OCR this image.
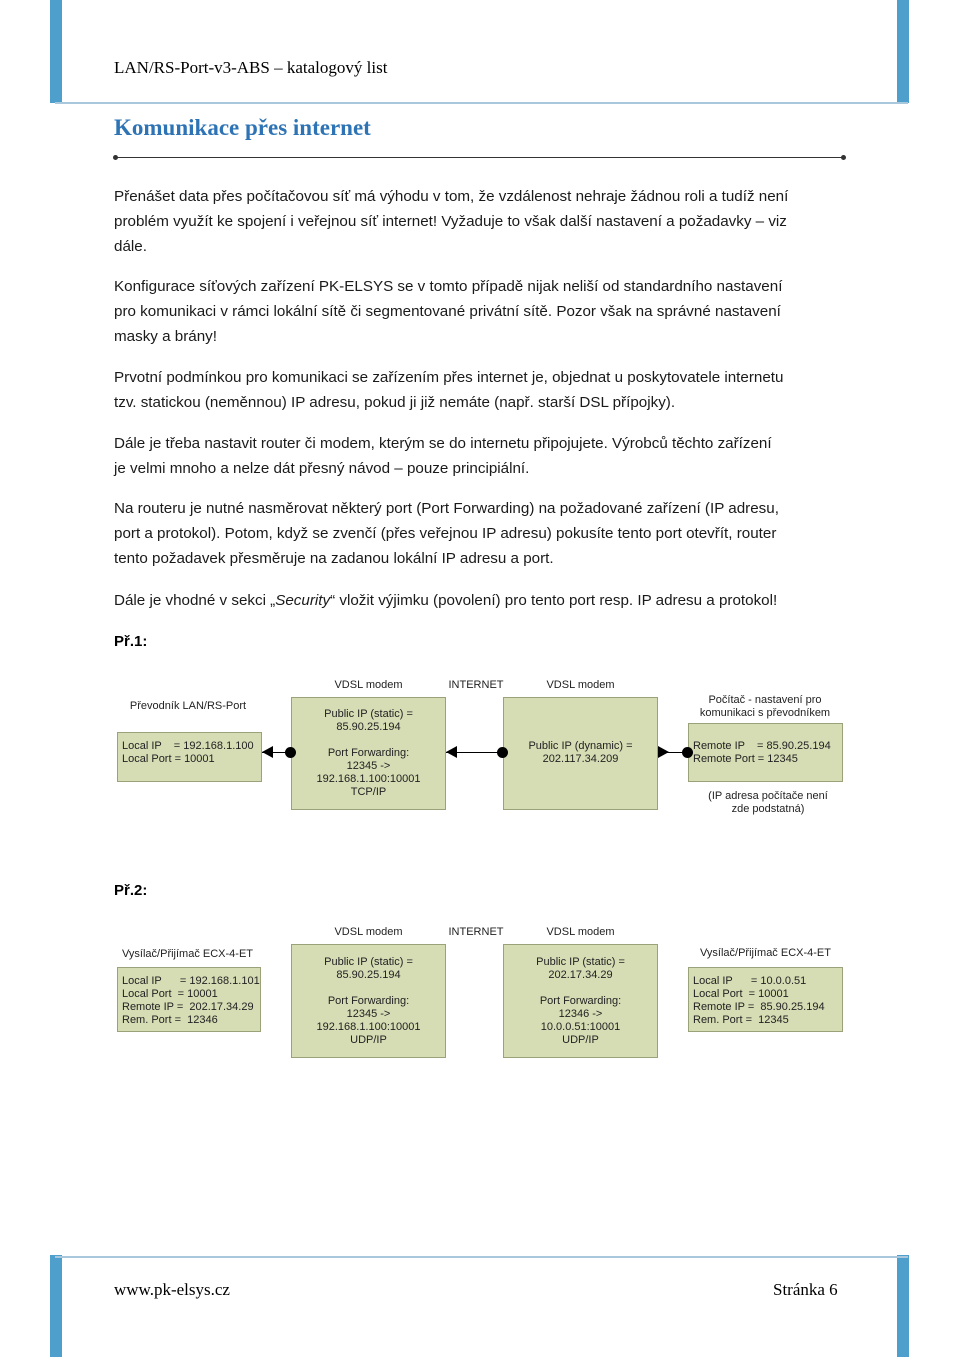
LAN/RS-Port-v3-ABS – katalogový list
Komunikace přes internet
Přenášet data přes počítačovou síť má výhodu v tom, že vzdálenost nehraje žádnou roli a tudíž není
problém využít ke spojení i veřejnou síť internet! Vyžaduje to však další nastavení a požadavky – viz
dále.
Konfigurace síťových zařízení PK-ELSYS se v tomto případě nijak neliší od standardního nastavení
pro komunikaci v rámci lokální sítě či segmentované privátní sítě. Pozor však na správné nastavení
masky a brány!
Prvotní podmínkou pro komunikaci se zařízením přes internet je, objednat u poskytovatele internetu
tzv. statickou (neměnnou) IP adresu, pokud ji již nemáte (např. starší DSL přípojky).
Dále je třeba nastavit router či modem, kterým se do internetu připojujete. Výrobců těchto zařízení
je velmi mnoho a nelze dát přesný návod – pouze principiální.
Na routeru je nutné nasměrovat některý port (Port Forwarding) na požadované zařízení (IP adresu,
port a protokol). Potom, když se zvenčí (přes veřejnou IP adresu) pokusíte tento port otevřít, router
tento požadavek přesměruje na zadanou lokální IP adresu a port.
Dále je vhodné v sekci „Security“ vložit výjimku (povolení) pro tento port resp. IP adresu a protokol!
Př.1:
Převodník LAN/RS-Port
Local IP    = 192.168.1.100
Local Port = 10001
VDSL modem
Public IP (static) =
85.90.25.194
Port Forwarding:
12345 ->
192.168.1.100:10001
TCP/IP
INTERNET	VDSL modem
Public IP (dynamic) =
202.117.34.209
Počítač - nastavení pro
komunikaci s převodníkem
Remote IP    = 85.90.25.194
Remote Port = 12345
(IP adresa počítače není
zde podstatná)
Př.2:
Vysílač/Přijímač ECX-4-ET
Local IP      = 192.168.1.101
Local Port  = 10001
Remote IP =  202.17.34.29
Rem. Port =  12346
VDSL modem
Public IP (static) =
85.90.25.194
Port Forwarding:
12345 ->
192.168.1.100:10001
UDP/IP
INTERNET	VDSL modem
Public IP (static) =
202.17.34.29
Port Forwarding:
12346 ->
10.0.0.51:10001
UDP/IP
Vysílač/Přijímač ECX-4-ET
Local IP      = 10.0.0.51
Local Port  = 10001
Remote IP =  85.90.25.194
Rem. Port =  12345
www.pk-elsys.cz	Stránka 6
